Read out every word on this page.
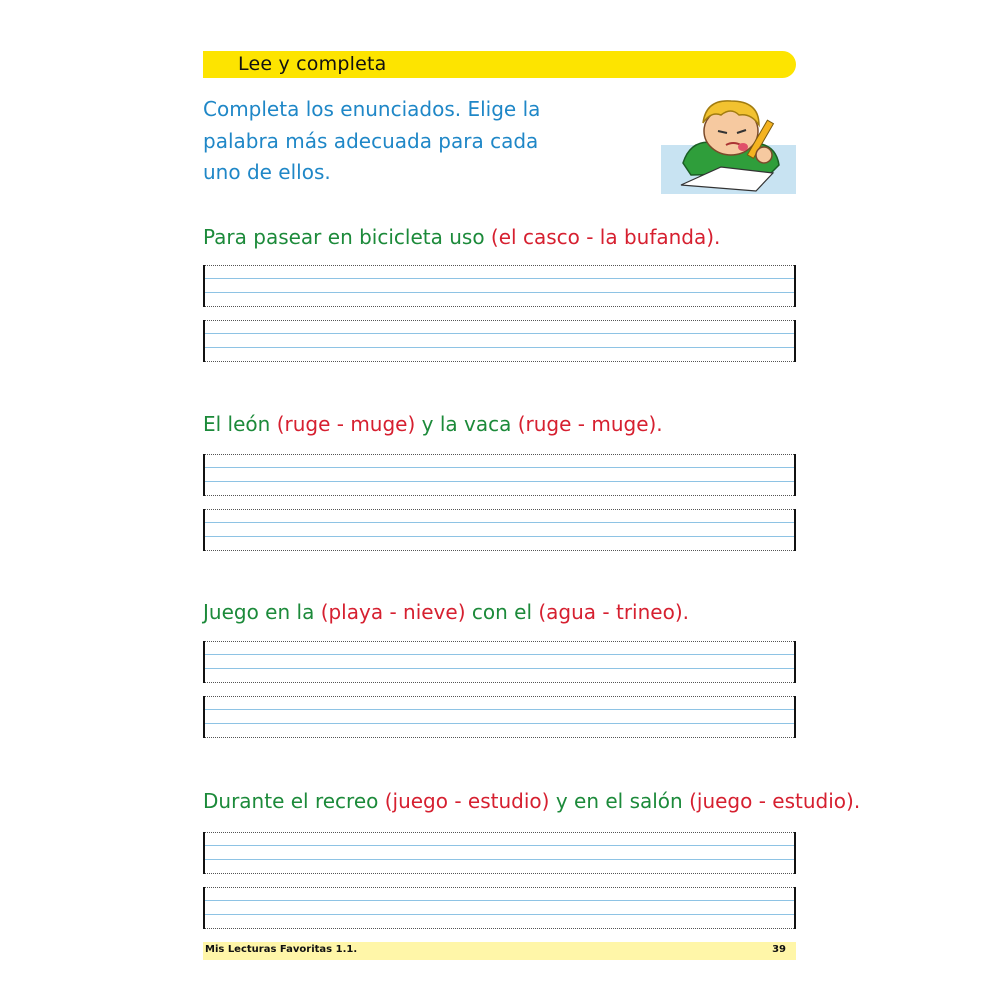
Lee y completa
Completa los enunciados. Elige la
palabra más adecuada para cada
uno de ellos.
Para pasear en bicicleta uso (el casco - la bufanda).
El león (ruge - muge) y la vaca (ruge - muge).
Juego en la (playa - nieve) con el (agua - trineo).
Durante el recreo (juego - estudio) y en el salón (juego - estudio).
Mis Lecturas Favoritas 1.1.	39
